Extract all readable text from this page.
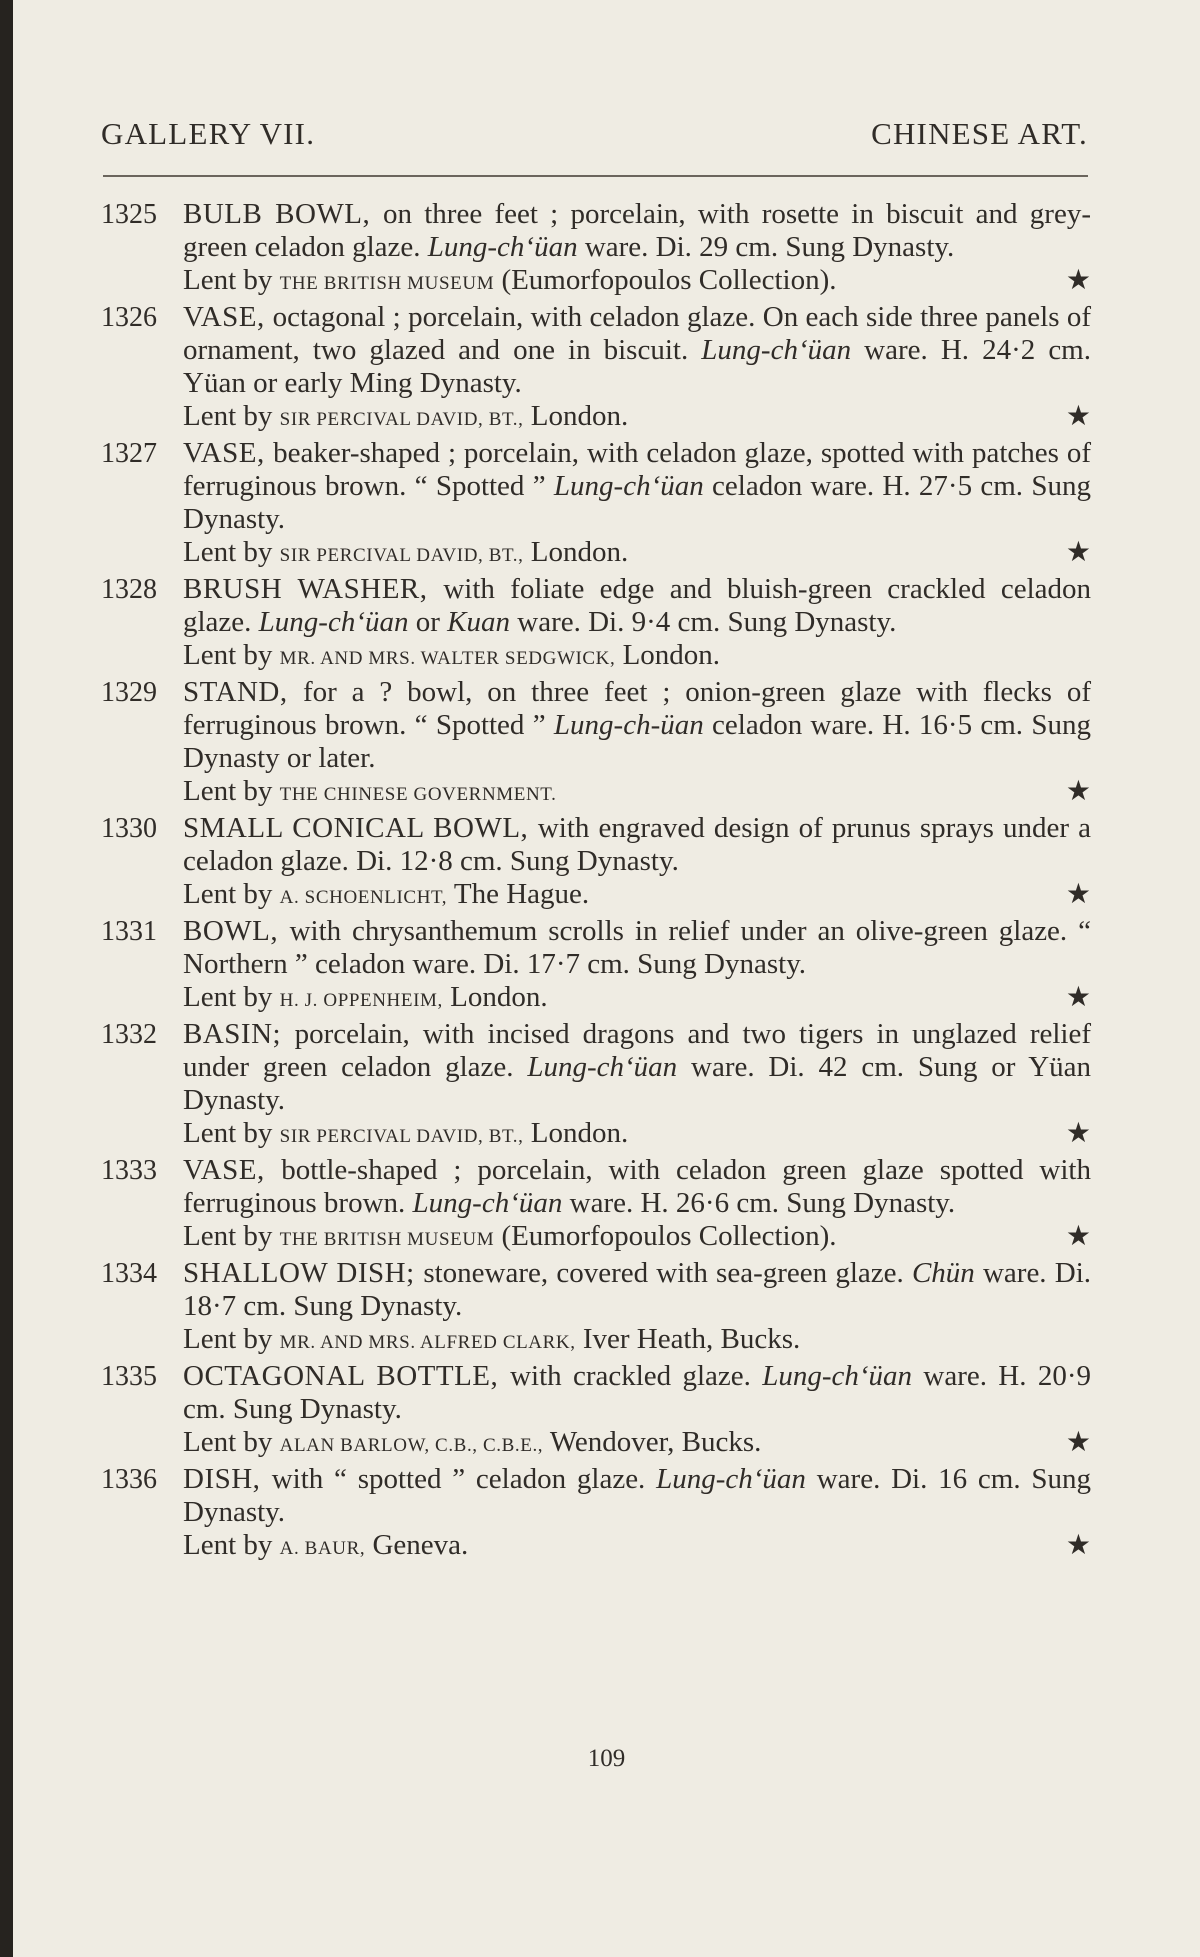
GALLERY VII.	CHINESE ART.
1325 BULB BOWL, on three feet ; porcelain, with rosette in biscuit and grey-green celadon glaze. Lung-ch‘üan ware. Di. 29 cm. Sung Dynasty.
★
Lent by THE BRITISH MUSEUM (Eumorfopoulos Collection).
1326 VASE, octagonal ; porcelain, with celadon glaze. On each side three panels of ornament, two glazed and one in biscuit. Lung-ch‘üan ware. H. 24·2 cm. Yüan or early Ming Dynasty.
★
Lent by SIR PERCIVAL DAVID, BT., London.
1327 VASE, beaker-shaped ; porcelain, with celadon glaze, spotted with patches of ferruginous brown. “ Spotted ” Lung-ch‘üan celadon ware. H. 27·5 cm. Sung Dynasty.
★
Lent by SIR PERCIVAL DAVID, BT., London.
1328 BRUSH WASHER, with foliate edge and bluish-green crackled celadon glaze. Lung-ch‘üan or Kuan ware. Di. 9·4 cm. Sung Dynasty.
Lent by MR. AND MRS. WALTER SEDGWICK, London.
1329 STAND, for a ? bowl, on three feet ; onion-green glaze with flecks of ferruginous brown. “ Spotted ” Lung-ch-üan celadon ware. H. 16·5 cm. Sung Dynasty or later.
★
Lent by THE CHINESE GOVERNMENT.
1330 SMALL CONICAL BOWL, with engraved design of prunus sprays under a celadon glaze. Di. 12·8 cm. Sung Dynasty.
★
Lent by A. SCHOENLICHT, The Hague.
1331 BOWL, with chrysanthemum scrolls in relief under an olive-green glaze. “ Northern ” celadon ware. Di. 17·7 cm. Sung Dynasty.
★
Lent by H. J. OPPENHEIM, London.
1332 BASIN; porcelain, with incised dragons and two tigers in unglazed relief under green celadon glaze. Lung-ch‘üan ware. Di. 42 cm. Sung or Yüan Dynasty.
★
Lent by SIR PERCIVAL DAVID, BT., London.
1333 VASE, bottle-shaped ; porcelain, with celadon green glaze spotted with ferruginous brown. Lung-ch‘üan ware. H. 26·6 cm. Sung Dynasty.
★
Lent by THE BRITISH MUSEUM (Eumorfopoulos Collection).
1334 SHALLOW DISH; stoneware, covered with sea-green glaze. Chün ware. Di. 18·7 cm. Sung Dynasty.
Lent by MR. AND MRS. ALFRED CLARK, Iver Heath, Bucks.
1335 OCTAGONAL BOTTLE, with crackled glaze. Lung-ch‘üan ware. H. 20·9 cm. Sung Dynasty.
★
Lent by ALAN BARLOW, C.B., C.B.E., Wendover, Bucks.
1336 DISH, with “ spotted ” celadon glaze. Lung-ch‘üan ware. Di. 16 cm. Sung Dynasty.
★
Lent by A. BAUR, Geneva.
109
